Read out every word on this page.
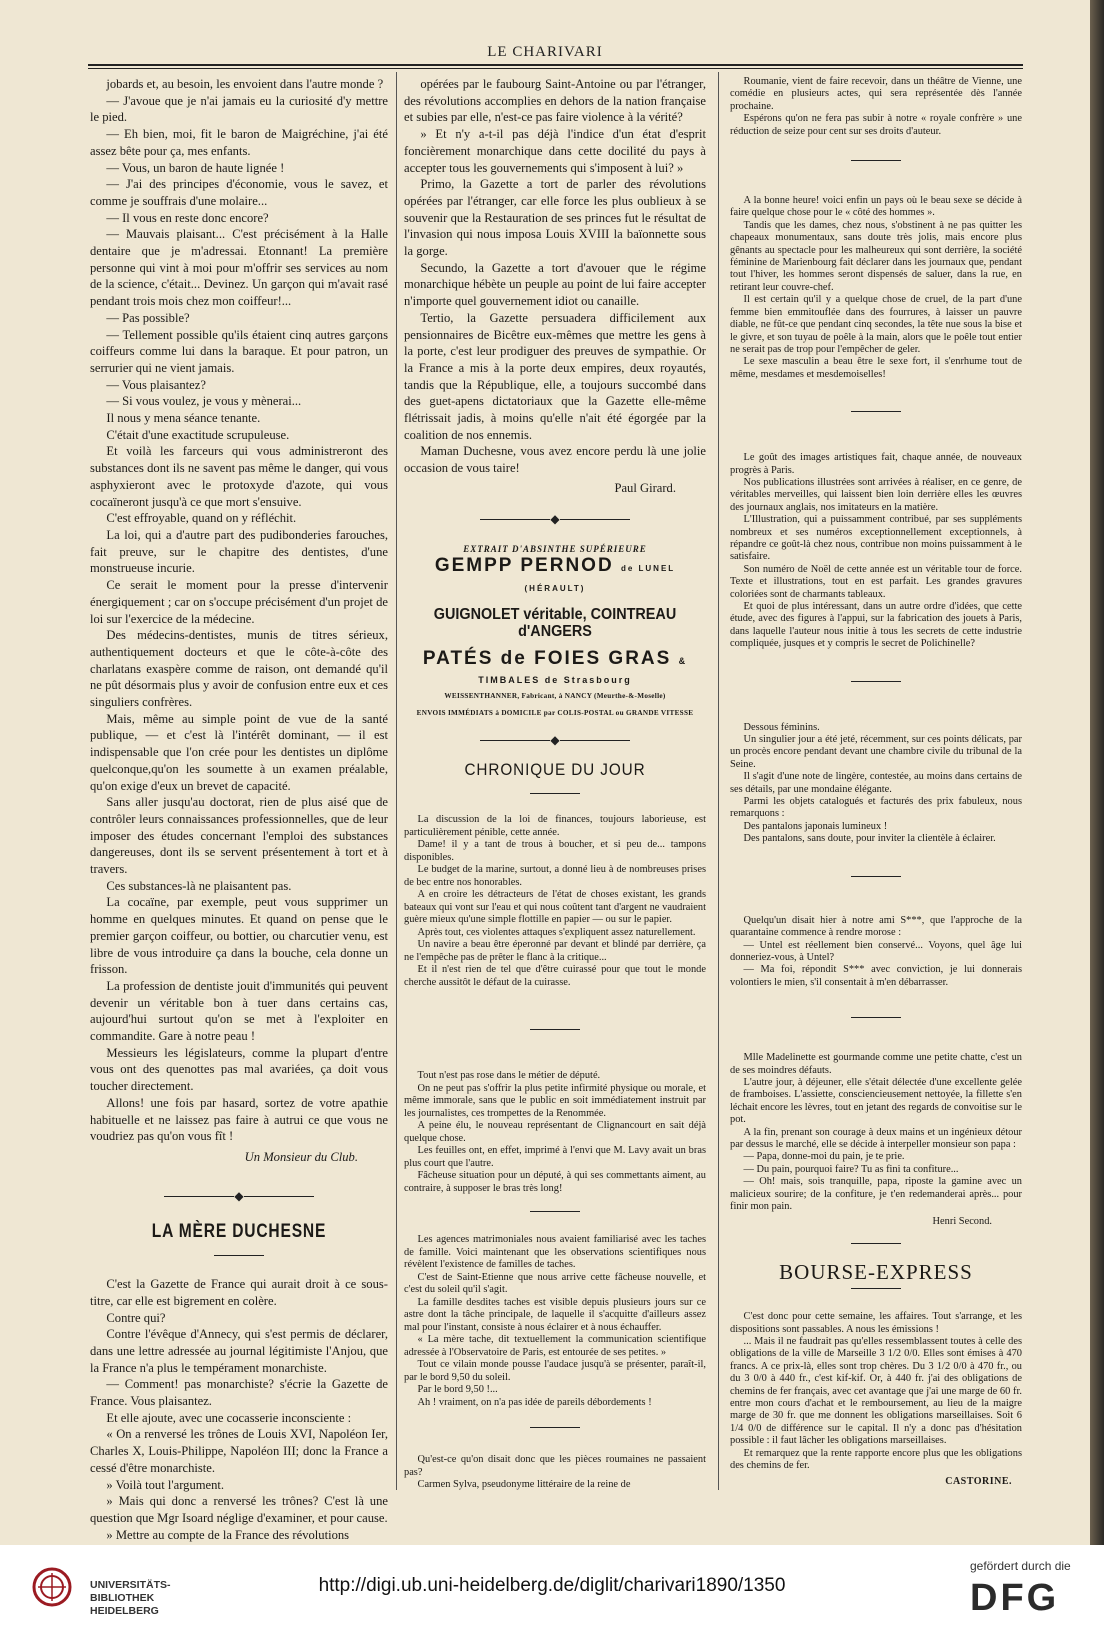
LE CHARIVARI

jobards et, au besoin, les envoient dans l'autre monde ?

— J'avoue que je n'ai jamais eu la curiosité d'y mettre le pied.

— Eh bien, moi, fit le baron de Maigréchine, j'ai été assez bête pour ça, mes enfants.

— Vous, un baron de haute lignée !

— J'ai des principes d'économie, vous le savez, et comme je souffrais d'une molaire...

— Il vous en reste donc encore?

— Mauvais plaisant... C'est précisément à la Halle dentaire que je m'adressai. Etonnant! La première personne qui vint à moi pour m'offrir ses services au nom de la science, c'était... Devinez. Un garçon qui m'avait rasé pendant trois mois chez mon coiffeur!...

— Pas possible?

— Tellement possible qu'ils étaient cinq autres garçons coiffeurs comme lui dans la baraque. Et pour patron, un serrurier qui ne vient jamais.

— Vous plaisantez?

— Si vous voulez, je vous y mènerai...

Il nous y mena séance tenante.

C'était d'une exactitude scrupuleuse.

Et voilà les farceurs qui vous administreront des substances dont ils ne savent pas même le danger, qui vous asphyxieront avec le protoxyde d'azote, qui vous cocaïneront jusqu'à ce que mort s'ensuive.

C'est effroyable, quand on y réfléchit.

La loi, qui a d'autre part des pudibonderies farouches, fait preuve, sur le chapitre des dentistes, d'une monstrueuse incurie.

Ce serait le moment pour la presse d'intervenir énergiquement ; car on s'occupe précisément d'un projet de loi sur l'exercice de la médecine.

Des médecins-dentistes, munis de titres sérieux, authentiquement docteurs et que le côte-à-côte des charlatans exaspère comme de raison, ont demandé qu'il ne pût désormais plus y avoir de confusion entre eux et ces singuliers confrères.

Mais, même au simple point de vue de la santé publique, — et c'est là l'intérêt dominant, — il est indispensable que l'on crée pour les dentistes un diplôme quelconque,qu'on les soumette à un examen préalable, qu'on exige d'eux un brevet de capacité.

Sans aller jusqu'au doctorat, rien de plus aisé que de contrôler leurs connaissances professionnelles, que de leur imposer des études concernant l'emploi des substances dangereuses, dont ils se servent présentement à tort et à travers.

Ces substances-là ne plaisantent pas.

La cocaïne, par exemple, peut vous supprimer un homme en quelques minutes. Et quand on pense que le premier garçon coiffeur, ou bottier, ou charcutier venu, est libre de vous introduire ça dans la bouche, cela donne un frisson.

La profession de dentiste jouit d'immunités qui peuvent devenir un véritable bon à tuer dans certains cas, aujourd'hui surtout qu'on se met à l'exploiter en commandite. Gare à notre peau !

Messieurs les législateurs, comme la plupart d'entre vous ont des quenottes pas mal avariées, ça doit vous toucher directement.

Allons! une fois par hasard, sortez de votre apathie habituelle et ne laissez pas faire à autrui ce que vous ne voudriez pas qu'on vous fît !

Un Monsieur du Club.
◆
LA MÈRE DUCHESNE

C'est la Gazette de France qui aurait droit à ce sous-titre, car elle est bigrement en colère.

Contre qui?

Contre l'évêque d'Annecy, qui s'est permis de déclarer, dans une lettre adressée au journal légitimiste l'Anjou, que la France n'a plus le tempérament monarchiste.

— Comment! pas monarchiste? s'écrie la Gazette de France. Vous plaisantez.

Et elle ajoute, avec une cocasserie inconsciente :

« On a renversé les trônes de Louis XVI, Napoléon Ier, Charles X, Louis-Philippe, Napoléon III; donc la France a cessé d'être monarchiste.

» Voilà tout l'argument.

» Mais qui donc a renversé les trônes? C'est là une question que Mgr Isoard néglige d'examiner, et pour cause.

» Mettre au compte de la France des révolutions

opérées par le faubourg Saint-Antoine ou par l'étranger, des révolutions accomplies en dehors de la nation française et subies par elle, n'est-ce pas faire violence à la vérité?

» Et n'y a-t-il pas déjà l'indice d'un état d'esprit foncièrement monarchique dans cette docilité du pays à accepter tous les gouvernements qui s'imposent à lui? »

Primo, la Gazette a tort de parler des révolutions opérées par l'étranger, car elle force les plus oublieux à se souvenir que la Restauration de ses princes fut le résultat de l'invasion qui nous imposa Louis XVIII la baïonnette sous la gorge.

Secundo, la Gazette a tort d'avouer que le régime monarchique hébète un peuple au point de lui faire accepter n'importe quel gouvernement idiot ou canaille.

Tertio, la Gazette persuadera difficilement aux pensionnaires de Bicêtre eux-mêmes que mettre les gens à la porte, c'est leur prodiguer des preuves de sympathie. Or la France a mis à la porte deux empires, deux royautés, tandis que la République, elle, a toujours succombé dans des guet-apens dictatoriaux que la Gazette elle-même flétrissait jadis, à moins qu'elle n'ait été égorgée par la coalition de nos ennemis.

Maman Duchesne, vous avez encore perdu là une jolie occasion de vous taire!

Paul Girard.
◆
EXTRAIT D'ABSINTHE SUPÉRIEURE
GEMPP PERNOD de LUNEL (HÉRAULT)
GUIGNOLET véritable, COINTREAU d'ANGERS
PATÉS de FOIES GRAS & TIMBALES de Strasbourg
WEISSENTHANNER, Fabricant, à NANCY (Meurthe-&-Moselle)
ENVOIS IMMÉDIATS à DOMICILE par COLIS-POSTAL ou GRANDE VITESSE
◆
CHRONIQUE DU JOUR

La discussion de la loi de finances, toujours laborieuse, est particulièrement pénible, cette année.

Dame! il y a tant de trous à boucher, et si peu de... tampons disponibles.

Le budget de la marine, surtout, a donné lieu à de nombreuses prises de bec entre nos honorables.

A en croire les détracteurs de l'état de choses existant, les grands bateaux qui vont sur l'eau et qui nous coûtent tant d'argent ne vaudraient guère mieux qu'une simple flottille en papier — ou sur le papier.

Après tout, ces violentes attaques s'expliquent assez naturellement.

Un navire a beau être éperonné par devant et blindé par derrière, ça ne l'empêche pas de prêter le flanc à la critique...

Et il n'est rien de tel que d'être cuirassé pour que tout le monde cherche aussitôt le défaut de la cuirasse.

Tout n'est pas rose dans le métier de député.

On ne peut pas s'offrir la plus petite infirmité physique ou morale, et même immorale, sans que le public en soit immédiatement instruit par les journalistes, ces trompettes de la Renommée.

A peine élu, le nouveau représentant de Clignancourt en sait déjà quelque chose.

Les feuilles ont, en effet, imprimé à l'envi que M. Lavy avait un bras plus court que l'autre.

Fâcheuse situation pour un député, à qui ses commettants aiment, au contraire, à supposer le bras très long!

Les agences matrimoniales nous avaient familiarisé avec les taches de famille. Voici maintenant que les observations scientifiques nous révèlent l'existence de familles de taches.

C'est de Saint-Etienne que nous arrive cette fâcheuse nouvelle, et c'est du soleil qu'il s'agit.

La famille desdites taches est visible depuis plusieurs jours sur ce astre dont la tâche principale, de laquelle il s'acquitte d'ailleurs assez mal pour l'instant, consiste à nous éclairer et à nous échauffer.

« La mère tache, dit textuellement la communication scientifique adressée à l'Observatoire de Paris, est entourée de ses petites. »

Tout ce vilain monde pousse l'audace jusqu'à se présenter, paraît-il, par le bord 9,50 du soleil.

Par le bord 9,50 !...

Ah ! vraiment, on n'a pas idée de pareils débordements !

Qu'est-ce qu'on disait donc que les pièces roumaines ne passaient pas?

Carmen Sylva, pseudonyme littéraire de la reine de

Roumanie, vient de faire recevoir, dans un théâtre de Vienne, une comédie en plusieurs actes, qui sera représentée dès l'année prochaine.

Espérons qu'on ne fera pas subir à notre « royale confrère » une réduction de seize pour cent sur ses droits d'auteur.

A la bonne heure! voici enfin un pays où le beau sexe se décide à faire quelque chose pour le « côté des hommes ».

Tandis que les dames, chez nous, s'obstinent à ne pas quitter les chapeaux monumentaux, sans doute très jolis, mais encore plus gênants au spectacle pour les malheureux qui sont derrière, la société féminine de Marienbourg fait déclarer dans les journaux que, pendant tout l'hiver, les hommes seront dispensés de saluer, dans la rue, en retirant leur couvre-chef.

Il est certain qu'il y a quelque chose de cruel, de la part d'une femme bien emmitouflée dans des fourrures, à laisser un pauvre diable, ne fût-ce que pendant cinq secondes, la tête nue sous la bise et le givre, et son tuyau de poêle à la main, alors que le poêle tout entier ne serait pas de trop pour l'empêcher de geler.

Le sexe masculin a beau être le sexe fort, il s'enrhume tout de même, mesdames et mesdemoiselles!

Le goût des images artistiques fait, chaque année, de nouveaux progrès à Paris.

Nos publications illustrées sont arrivées à réaliser, en ce genre, de véritables merveilles, qui laissent bien loin derrière elles les œuvres des journaux anglais, nos imitateurs en la matière.

L'Illustration, qui a puissamment contribué, par ses suppléments nombreux et ses numéros exceptionnellement exceptionnels, à répandre ce goût-là chez nous, contribue non moins puissamment à le satisfaire.

Son numéro de Noël de cette année est un véritable tour de force. Texte et illustrations, tout en est parfait. Les grandes gravures coloriées sont de charmants tableaux.

Et quoi de plus intéressant, dans un autre ordre d'idées, que cette étude, avec des figures à l'appui, sur la fabrication des jouets à Paris, dans laquelle l'auteur nous initie à tous les secrets de cette industrie compliquée, jusques et y compris le secret de Polichinelle?

Dessous féminins.

Un singulier jour a été jeté, récemment, sur ces points délicats, par un procès encore pendant devant une chambre civile du tribunal de la Seine.

Il s'agit d'une note de lingère, contestée, au moins dans certains de ses détails, par une mondaine élégante.

Parmi les objets catalogués et facturés des prix fabuleux, nous remarquons :

Des pantalons japonais lumineux !

Des pantalons, sans doute, pour inviter la clientèle à éclairer.

Quelqu'un disait hier à notre ami S***, que l'approche de la quarantaine commence à rendre morose :

— Untel est réellement bien conservé... Voyons, quel âge lui donneriez-vous, à Untel?

— Ma foi, répondit S*** avec conviction, je lui donnerais volontiers le mien, s'il consentait à m'en débarrasser.

Mlle Madelinette est gourmande comme une petite chatte, c'est un de ses moindres défauts.

L'autre jour, à déjeuner, elle s'était délectée d'une excellente gelée de framboises. L'assiette, consciencieusement nettoyée, la fillette s'en léchait encore les lèvres, tout en jetant des regards de convoitise sur le pot.

A la fin, prenant son courage à deux mains et un ingénieux détour par dessus le marché, elle se décide à interpeller monsieur son papa :

— Papa, donne-moi du pain, je te prie.

— Du pain, pourquoi faire? Tu as fini ta confiture...

— Oh! mais, sois tranquille, papa, riposte la gamine avec un malicieux sourire; de la confiture, je t'en redemanderai après... pour finir mon pain.

Henri Second.
BOURSE-EXPRESS

C'est donc pour cette semaine, les affaires. Tout s'arrange, et les dispositions sont passables. A nous les émissions !

... Mais il ne faudrait pas qu'elles ressemblassent toutes à celle des obligations de la ville de Marseille 3 1/2 0/0. Elles sont émises à 470 francs. A ce prix-là, elles sont trop chères. Du 3 1/2 0/0 à 470 fr., ou du 3 0/0 à 440 fr., c'est kif-kif. Or, à 440 fr. j'ai des obligations de chemins de fer français, avec cet avantage que j'ai une marge de 60 fr. entre mon cours d'achat et le remboursement, au lieu de la maigre marge de 30 fr. que me donnent les obligations marseillaises. Soit 6 1/4 0/0 de différence sur le capital. Il n'y a donc pas d'hésitation possible : il faut lâcher les obligations marseillaises.

Et remarquez que la rente rapporte encore plus que les obligations des chemins de fer.

CASTORINE.
UNIVERSITÄTS-
BIBLIOTHEK
HEIDELBERG
http://digi.ub.uni-heidelberg.de/diglit/charivari1890/1350
gefördert durch die
DFG
